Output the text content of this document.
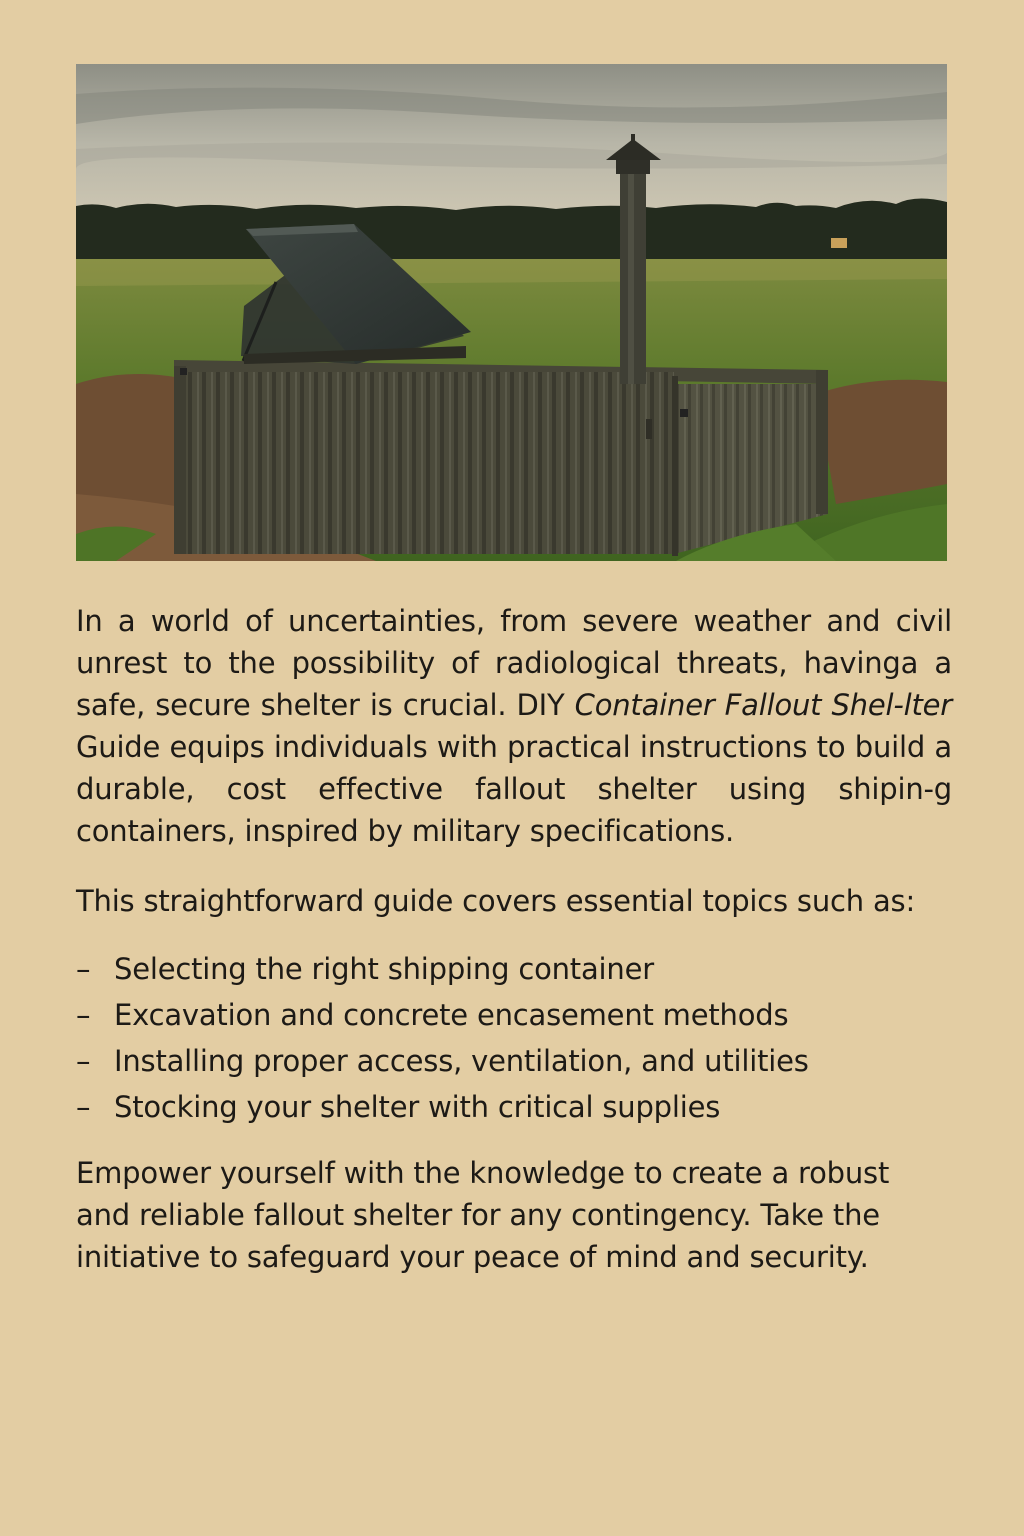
In a world of uncertainties, from severe weather and civil unrest to the possibility of radiological threats, havinga a safe, secure shelter is crucial. DIY Container Fallout Shel-lter Guide equips individuals with practical instructions to build a durable, cost effective fallout shelter using shipin-g containers, inspired by military specifications.

This straightforward guide covers essential topics such as:

– Selecting the right shipping container
– Excavation and concrete encasement methods
– Installing proper access, ventilation, and utilities
– Stocking your shelter with critical supplies

Empower yourself with the knowledge to create a robust and reliable fallout shelter for any contingency. Take the initiative to safeguard your peace of mind and security.
